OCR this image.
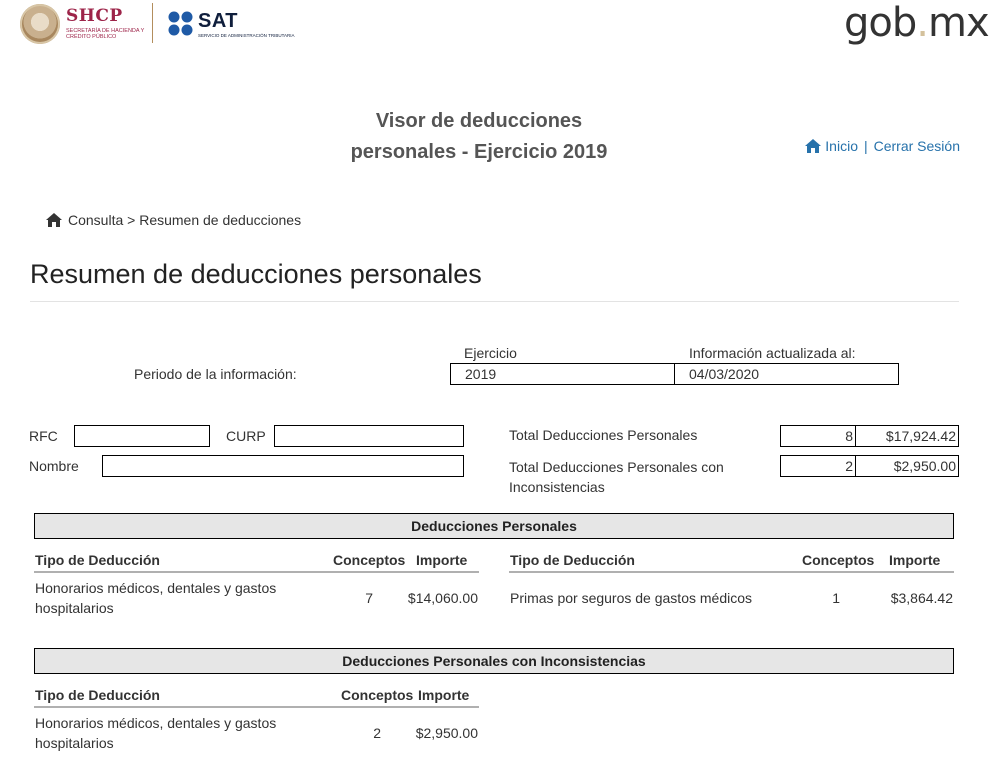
SHCP
SECRETARÍA DE HACIENDA Y CRÉDITO PÚBLICO
SAT
SERVICIO DE ADMINISTRACIÓN TRIBUTARIA	gob.mx
Visor de deducciones
personales - Ejercicio 2019	Inicio | Cerrar Sesión
Consulta > Resumen de deducciones
Resumen de deducciones personales
Periodo de la información:
Ejercicio
2019
Información actualizada al:
04/03/2020
RFC	CURP
Nombre
Total Deducciones Personales	8	$17,924.42
Total Deducciones Personales con
Inconsistencias
2	$2,950.00
Deducciones Personales
Tipo de Deducción	Conceptos Importe
Honorarios médicos, dentales y gastos
hospitalarios
7	$14,060.00
Tipo de Deducción	Conceptos Importe
Primas por seguros de gastos médicos	1	$3,864.42
Deducciones Personales con Inconsistencias
Tipo de Deducción	Conceptos Importe
Honorarios médicos, dentales y gastos
hospitalarios
2	$2,950.00
